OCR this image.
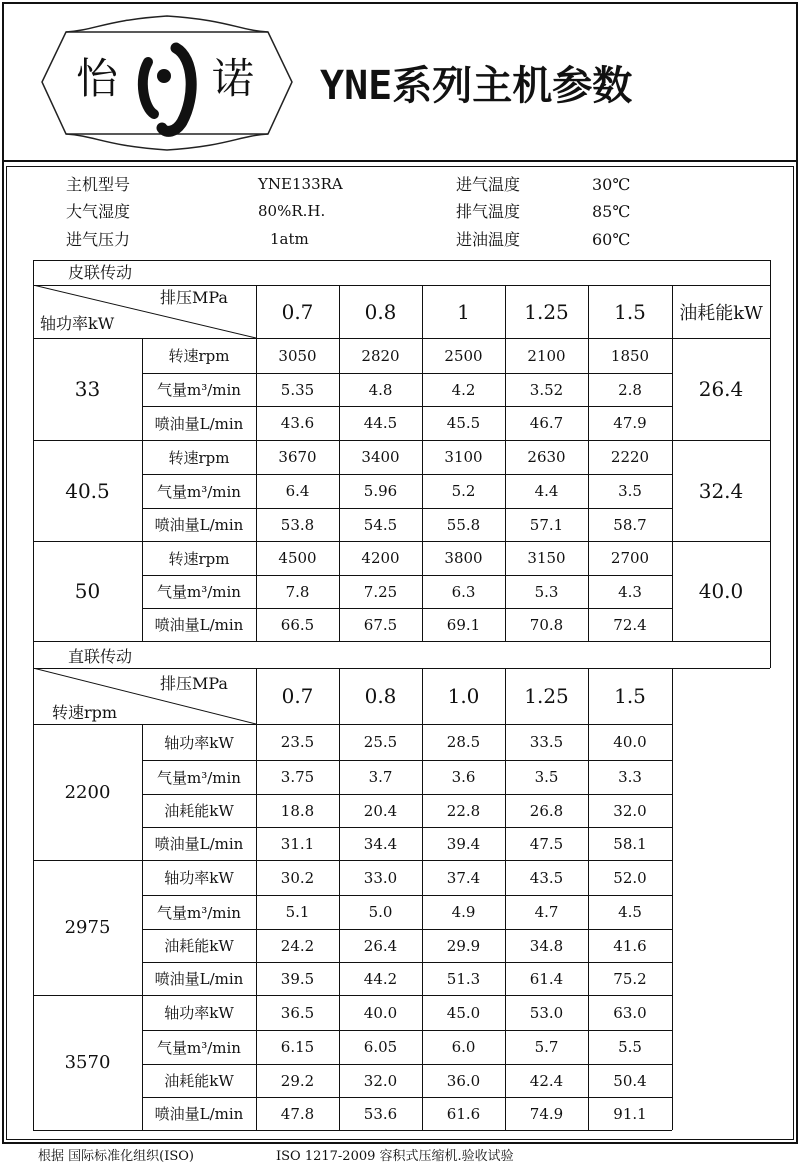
怡 诺 YNE系列主机参数
主机型号	YNE133RA	进气温度	30℃
大气湿度	80%R.H.	排气温度	85℃
进气压力	1atm	进油温度	60℃
皮联传动
排压MPa
轴功率kW	0.7	0.8	1	1.25	1.5	油耗能kW
33	26.4
转速rpm	3050	2820	2500	2100	1850
气量m³/min	5.35	4.8	4.2	3.52	2.8
喷油量L/min	43.6	44.5	45.5	46.7	47.9
40.5	32.4
转速rpm	3670	3400	3100	2630	2220
气量m³/min	6.4	5.96	5.2	4.4	3.5
喷油量L/min	53.8	54.5	55.8	57.1	58.7
50	40.0
转速rpm	4500	4200	3800	3150	2700
气量m³/min	7.8	7.25	6.3	5.3	4.3
喷油量L/min	66.5	67.5	69.1	70.8	72.4
直联传动
排压MPa
转速rpm
0.7	0.8	1.0	1.25	1.5
2200
轴功率kW	23.5	25.5	28.5	33.5	40.0
气量m³/min	3.75	3.7	3.6	3.5	3.3
油耗能kW	18.8	20.4	22.8	26.8	32.0
喷油量L/min	31.1	34.4	39.4	47.5	58.1
2975
轴功率kW	30.2	33.0	37.4	43.5	52.0
气量m³/min	5.1	5.0	4.9	4.7	4.5
油耗能kW	24.2	26.4	29.9	34.8	41.6
喷油量L/min	39.5	44.2	51.3	61.4	75.2
3570
轴功率kW	36.5	40.0	45.0	53.0	63.0
气量m³/min	6.15	6.05	6.0	5.7	5.5
油耗能kW	29.2	32.0	36.0	42.4	50.4
喷油量L/min	47.8	53.6	61.6	74.9	91.1
根据 国际标准化组织(ISO)	ISO 1217-2009 容积式压缩机.验收试验
